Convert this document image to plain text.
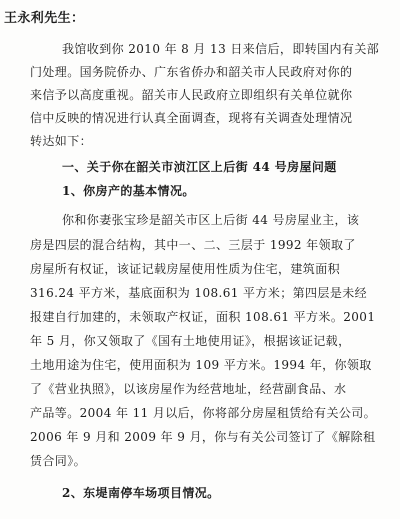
王永利先生：
我馆收到你 2010 年 8 月 13 日来信后，即转国内有关部
门处理。国务院侨办、广东省侨办和韶关市人民政府对你的
来信予以高度重视。韶关市人民政府立即组织有关单位就你
信中反映的情况进行认真全面调查，现将有关调查处理情况
转达如下：
一、关于你在韶关市浈江区上后街 44 号房屋问题
1、你房产的基本情况。
你和你妻张宝珍是韶关市区上后街 44 号房屋业主，该
房是四层的混合结构，其中一、二、三层于 1992 年领取了
房屋所有权证，该证记载房屋使用性质为住宅，建筑面积
316.24 平方米，基底面积为 108.61 平方米；第四层是未经
报建自行加建的，未领取产权证，面积 108.61 平方米。2001
年 5 月，你又领取了《国有土地使用证》，根据该证记载，
土地用途为住宅，使用面积为 109 平方米。1994 年，你领取
了《营业执照》，以该房屋作为经营地址，经营副食品、水
产品等。2004 年 11 月以后，你将部分房屋租赁给有关公司。
2006 年 9 月和 2009 年 9 月，你与有关公司签订了《解除租
赁合同》。
2、东堤南停车场项目情况。
